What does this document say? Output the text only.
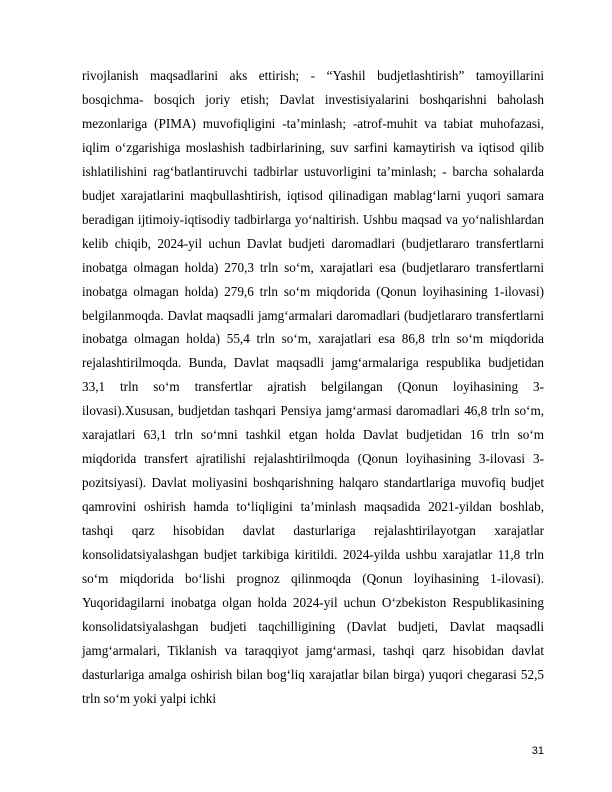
rivojlanish maqsadlarini aks ettirish; - “Yashil budjetlashtirish” tamoyillarini bosqichma- bosqich joriy etish; Davlat investisiyalarini boshqarishni baholash mezonlariga (PIMA) muvofiqligini -ta’minlash; -atrof-muhit va tabiat muhofazasi, iqlim o‘zgarishiga moslashish tadbirlarining, suv sarfini kamaytirish va iqtisod qilib ishlatilishini rag‘batlantiruvchi tadbirlar ustuvorligini ta’minlash; - barcha sohalarda budjet xarajatlarini maqbullashtirish, iqtisod qilinadigan mablag‘larni yuqori samara beradigan ijtimoiy-iqtisodiy tadbirlarga yo‘naltirish. Ushbu maqsad va yo‘nalishlardan kelib chiqib, 2024-yil uchun Davlat budjeti daromadlari (budjetlararo transfertlarni inobatga olmagan holda) 270,3 trln so‘m, xarajatlari esa (budjetlararo transfertlarni inobatga olmagan holda) 279,6 trln so‘m miqdorida (Qonun loyihasining 1-ilovasi) belgilanmoqda. Davlat maqsadli jamg‘armalari daromadlari (budjetlararo transfertlarni inobatga olmagan holda) 55,4 trln so‘m, xarajatlari esa 86,8 trln so‘m miqdorida rejalashtirilmoqda. Bunda, Davlat maqsadli jamg‘armalariga respublika budjetidan 33,1 trln so‘m transfertlar ajratish belgilangan (Qonun loyihasining 3- ilovasi).Xususan, budjetdan tashqari Pensiya jamg‘armasi daromadlari 46,8 trln so‘m, xarajatlari 63,1 trln so‘mni tashkil etgan holda Davlat budjetidan 16 trln so‘m miqdorida transfert ajratilishi rejalashtirilmoqda (Qonun loyihasining 3-ilovasi 3-pozitsiyasi). Davlat moliyasini boshqarishning halqaro standartlariga muvofiq budjet qamrovini oshirish hamda to‘liqligini ta’minlash maqsadida 2021-yildan boshlab, tashqi qarz hisobidan davlat dasturlariga rejalashtirilayotgan xarajatlar konsolidatsiyalashgan budjet tarkibiga kiritildi. 2024-yilda ushbu xarajatlar 11,8 trln so‘m miqdorida bo‘lishi prognoz qilinmoqda (Qonun loyihasining 1-ilovasi). Yuqoridagilarni inobatga olgan holda 2024-yil uchun O‘zbekiston Respublikasining konsolidatsiyalashgan budjeti taqchilligining (Davlat budjeti, Davlat maqsadli jamg‘armalari, Tiklanish va taraqqiyot jamg‘armasi, tashqi qarz hisobidan davlat dasturlariga amalga oshirish bilan bog‘liq xarajatlar bilan birga) yuqori chegarasi 52,5 trln so‘m yoki yalpi ichki

31
